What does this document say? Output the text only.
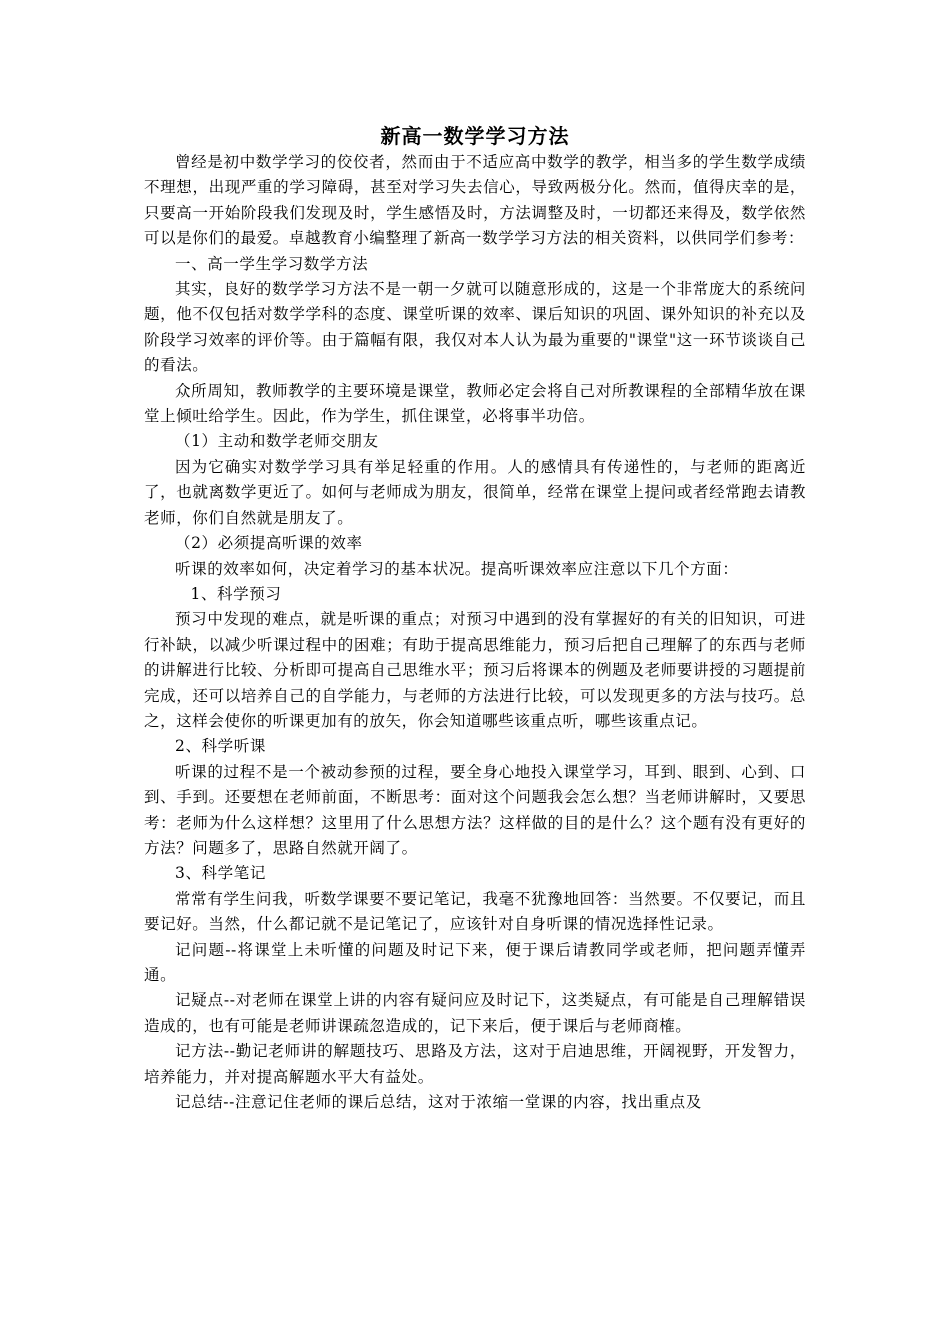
新高一数学学习方法

曾经是初中数学学习的佼佼者，然而由于不适应高中数学的教学，相当多的学生数学成绩不理想，出现严重的学习障碍，甚至对学习失去信心，导致两极分化。然而，值得庆幸的是，只要高一开始阶段我们发现及时，学生感悟及时，方法调整及时，一切都还来得及，数学依然可以是你们的最爱。卓越教育小编整理了新高一数学学习方法的相关资料，以供同学们参考：

一、高一学生学习数学方法

其实，良好的数学学习方法不是一朝一夕就可以随意形成的，这是一个非常庞大的系统问题，他不仅包括对数学学科的态度、课堂听课的效率、课后知识的巩固、课外知识的补充以及阶段学习效率的评价等。由于篇幅有限，我仅对本人认为最为重要的"课堂"这一环节谈谈自己的看法。

众所周知，教师教学的主要环境是课堂，教师必定会将自己对所教课程的全部精华放在课堂上倾吐给学生。因此，作为学生，抓住课堂，必将事半功倍。

（1）主动和数学老师交朋友

因为它确实对数学学习具有举足轻重的作用。人的感情具有传递性的，与老师的距离近了，也就离数学更近了。如何与老师成为朋友，很简单，经常在课堂上提问或者经常跑去请教老师，你们自然就是朋友了。

（2）必须提高听课的效率

听课的效率如何，决定着学习的基本状况。提高听课效率应注意以下几个方面：

1、科学预习

预习中发现的难点，就是听课的重点；对预习中遇到的没有掌握好的有关的旧知识，可进行补缺，以减少听课过程中的困难；有助于提高思维能力，预习后把自己理解了的东西与老师的讲解进行比较、分析即可提高自己思维水平；预习后将课本的例题及老师要讲授的习题提前完成，还可以培养自己的自学能力，与老师的方法进行比较，可以发现更多的方法与技巧。总之，这样会使你的听课更加有的放矢，你会知道哪些该重点听，哪些该重点记。

2、科学听课

听课的过程不是一个被动参预的过程，要全身心地投入课堂学习，耳到、眼到、心到、口到、手到。还要想在老师前面，不断思考：面对这个问题我会怎么想？当老师讲解时，又要思考：老师为什么这样想？这里用了什么思想方法？这样做的目的是什么？这个题有没有更好的方法？问题多了，思路自然就开阔了。

3、科学笔记

常常有学生问我，听数学课要不要记笔记，我毫不犹豫地回答：当然要。不仅要记，而且要记好。当然，什么都记就不是记笔记了，应该针对自身听课的情况选择性记录。

记问题--将课堂上未听懂的问题及时记下来，便于课后请教同学或老师，把问题弄懂弄通。

记疑点--对老师在课堂上讲的内容有疑问应及时记下，这类疑点，有可能是自己理解错误造成的，也有可能是老师讲课疏忽造成的，记下来后，便于课后与老师商榷。

记方法--勤记老师讲的解题技巧、思路及方法，这对于启迪思维，开阔视野，开发智力，培养能力，并对提高解题水平大有益处。

记总结--注意记住老师的课后总结，这对于浓缩一堂课的内容，找出重点及
